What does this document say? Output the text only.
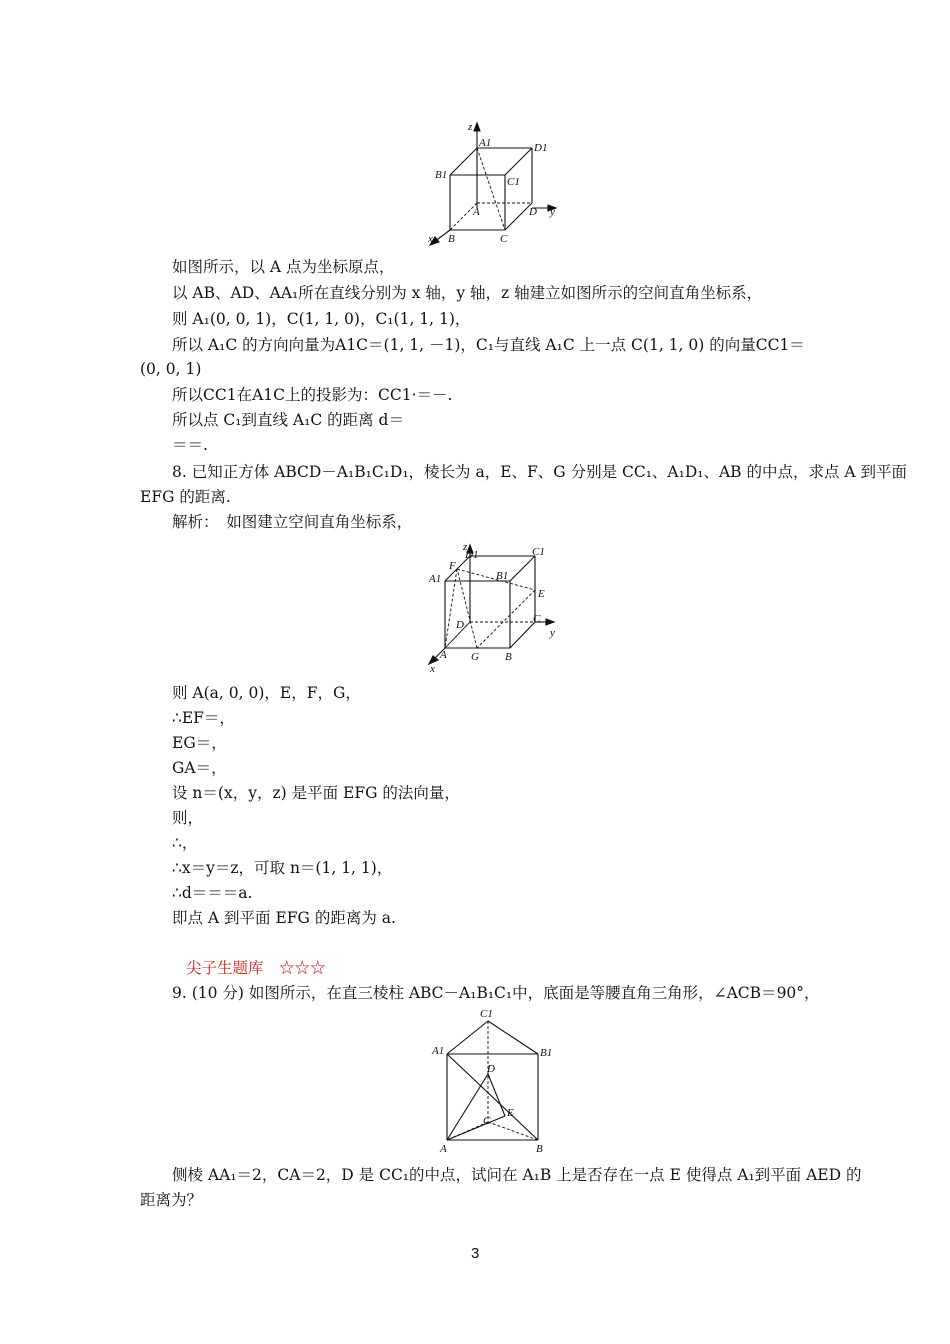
z
A1	D1
B1
C1
A	D y
x B	C
如图所示，以 A 点为坐标原点，
以 AB、AD、AA₁所在直线分别为 x 轴，y 轴，z 轴建立如图所示的空间直角坐标系，
则 A₁(0, 0, 1)，C(1, 1, 0)，C₁(1, 1, 1)，
所以 A₁C 的方向向量为A1C＝(1, 1, －1)，C₁与直线 A₁C 上一点 C(1, 1, 0) 的向量CC1＝
(0, 0, 1)
所以CC1在A1C上的投影为：CC1·＝－.
所以点 C₁到直线 A₁C 的距离 d＝
＝＝.
8. 已知正方体 ABCD－A₁B₁C₁D₁，棱长为 a，E、F、G 分别是 CC₁、A₁D₁、AB 的中点，求点 A 到平面
EFG 的距离.
解析：　如图建立空间直角坐标系，
z
D1	C1
A1
F
B1
E
D	C
y
A G B
x
则 A(a, 0, 0)，E，F，G，
∴EF＝，
EG＝，
GA＝，
设 n＝(x，y，z) 是平面 EFG 的法向量，
则，
∴，
∴x＝y＝z，可取 n＝(1, 1, 1)，
∴d＝＝＝a.
即点 A 到平面 EFG 的距离为 a.
尖子生题库　☆☆☆
9. (10 分) 如图所示，在直三棱柱 ABC－A₁B₁C₁中，底面是等腰直角三角形，∠ACB＝90°，
C1
A1	B1
D
C
E
A	B
侧棱 AA₁＝2，CA＝2，D 是 CC₁的中点，试问在 A₁B 上是否存在一点 E 使得点 A₁到平面 AED 的
距离为？
3
